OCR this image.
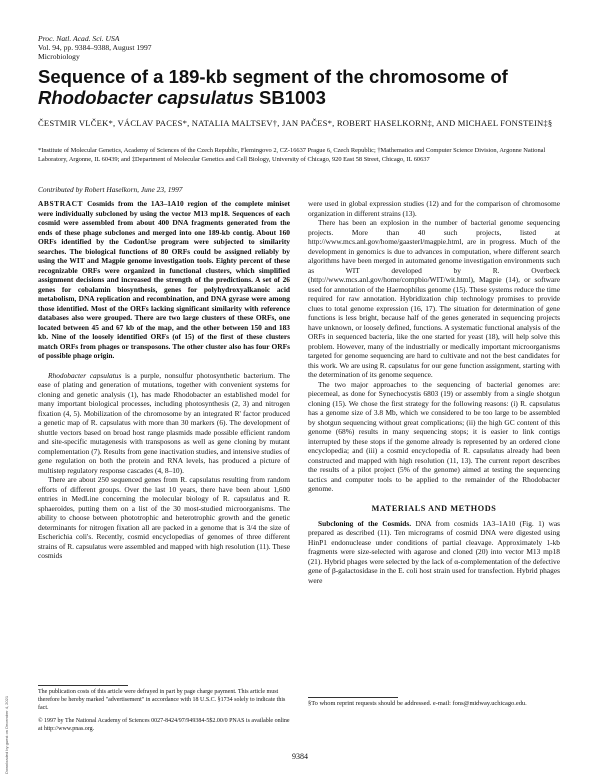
Proc. Natl. Acad. Sci. USA
Vol. 94, pp. 9384–9388, August 1997
Microbiology
Sequence of a 189-kb segment of the chromosome of Rhodobacter capsulatus SB1003
ČESTMIR VLČEK*, VÁCLAV PACES*, NATALIA MALTSEV†, JAN PAČES*, ROBERT HASELKORN‡, AND MICHAEL FONSTEIN‡§
*Institute of Molecular Genetics, Academy of Sciences of the Czech Republic, Flemingovo 2, CZ-16637 Prague 6, Czech Republic; †Mathematics and Computer Science Division, Argonne National Laboratory, Argonne, IL 60439; and ‡Department of Molecular Genetics and Cell Biology, University of Chicago, 920 East 58 Street, Chicago, IL 60637
Contributed by Robert Haselkorn, June 23, 1997

ABSTRACT Cosmids from the 1A3–1A10 region of the complete miniset were individually subcloned by using the vector M13 mp18. Sequences of each cosmid were assembled from about 400 DNA fragments generated from the ends of these phage subclones and merged into one 189-kb contig. About 160 ORFs identified by the CodonUse program were subjected to similarity searches. The biological functions of 80 ORFs could be assigned reliably by using the WIT and Magpie genome investigation tools. Eighty percent of these recognizable ORFs were organized in functional clusters, which simplified assignment decisions and increased the strength of the predictions. A set of 26 genes for cobalamin biosynthesis, genes for polyhydroxyalkanoic acid metabolism, DNA replication and recombination, and DNA gyrase were among those identified. Most of the ORFs lacking significant similarity with reference databases also were grouped. There are two large clusters of these ORFs, one located between 45 and 67 kb of the map, and the other between 150 and 183 kb. Nine of the loosely identified ORFs (of 15) of the first of these clusters match ORFs from phages or transposons. The other cluster also has four ORFs of possible phage origin.

Rhodobacter capsulatus is a purple, nonsulfur photosynthetic bacterium. The ease of plating and generation of mutations, together with convenient systems for cloning and genetic analysis (1), has made Rhodobacter an established model for many important biological processes, including photosynthesis (2, 3) and nitrogen fixation (4, 5). Mobilization of the chromosome by an integrated R' factor produced a genetic map of R. capsulatus with more than 30 markers (6). The development of shuttle vectors based on broad host range plasmids made possible efficient random and site-specific mutagenesis with transposons as well as gene cloning by mutant complementation (7). Results from gene inactivation studies, and intensive studies of gene regulation on both the protein and RNA levels, has produced a picture of multistep regulatory response cascades (4, 8–10).

There are about 250 sequenced genes from R. capsulatus resulting from random efforts of different groups. Over the last 10 years, there have been about 1,600 entries in MedLine concerning the molecular biology of R. capsulatus and R. sphaeroides, putting them on a list of the 30 most-studied microorganisms. The ability to choose between phototrophic and heterotrophic growth and the genetic determinants for nitrogen fixation all are packed in a genome that is 3/4 the size of Escherichia coli's. Recently, cosmid encyclopedias of genomes of three different strains of R. capsulatus were assembled and mapped with high resolution (11). These cosmids

were used in global expression studies (12) and for the comparison of chromosome organization in different strains (13).

There has been an explosion in the number of bacterial genome sequencing projects. More than 40 such projects, listed at http://www.mcs.anl.gov/home/gaasterl/magpie.html, are in progress. Much of the development in genomics is due to advances in computation, where different search algorithms have been merged in automated genome investigation environments such as WIT developed by R. Overbeck (http://www.mcs.anl.gov/home/compbio/WIT/wit.html), Magpie (14), or software used for annotation of the Haemophilus genome (15). These systems reduce the time required for raw annotation. Hybridization chip technology promises to provide clues to total genome expression (16, 17). The situation for determination of gene functions is less bright, because half of the genes generated in sequencing projects have unknown, or loosely defined, functions. A systematic functional analysis of the ORFs in sequenced bacteria, like the one started for yeast (18), will help solve this problem. However, many of the industrially or medically important microorganisms targeted for genome sequencing are hard to cultivate and not the best candidates for this work. We are using R. capsulatus for our gene function assignment, starting with the determination of its genome sequence.

The two major approaches to the sequencing of bacterial genomes are: piecemeal, as done for Synechocystis 6803 (19) or assembly from a single shotgun cloning (15). We chose the first strategy for the following reasons: (i) R. capsulatus has a genome size of 3.8 Mb, which we considered to be too large to be assembled by shotgun sequencing without great complications; (ii) the high GC content of this genome (68%) results in many sequencing stops; it is easier to link contigs interrupted by these stops if the genome already is represented by an ordered clone encyclopedia; and (iii) a cosmid encyclopedia of R. capsulatus already had been constructed and mapped with high resolution (11, 13). The current report describes the results of a pilot project (5% of the genome) aimed at testing the sequencing tactics and computer tools to be applied to the remainder of the Rhodobacter genome.

MATERIALS AND METHODS

Subcloning of the Cosmids. DNA from cosmids 1A3–1A10 (Fig. 1) was prepared as described (11). Ten micrograms of cosmid DNA were digested using HinP1 endonuclease under conditions of partial cleavage. Approximately 1-kb fragments were size-selected with agarose and cloned (20) into vector M13 mp18 (21). Hybrid phages were selected by the lack of α-complementation of the defective gene of β-galactosidase in the E. coli host strain used for transfection. Hybrid phages were

The publication costs of this article were defrayed in part by page charge payment. This article must therefore be hereby marked "advertisement" in accordance with 18 U.S.C. §1734 solely to indicate this fact.
© 1997 by The National Academy of Sciences 0027-8424/97/949384-5$2.00/0 PNAS is available online at http://www.pnas.org.
§To whom reprint requests should be addressed. e-mail: fons@midway.uchicago.edu.
9384
Downloaded by guest on December 4, 2021
